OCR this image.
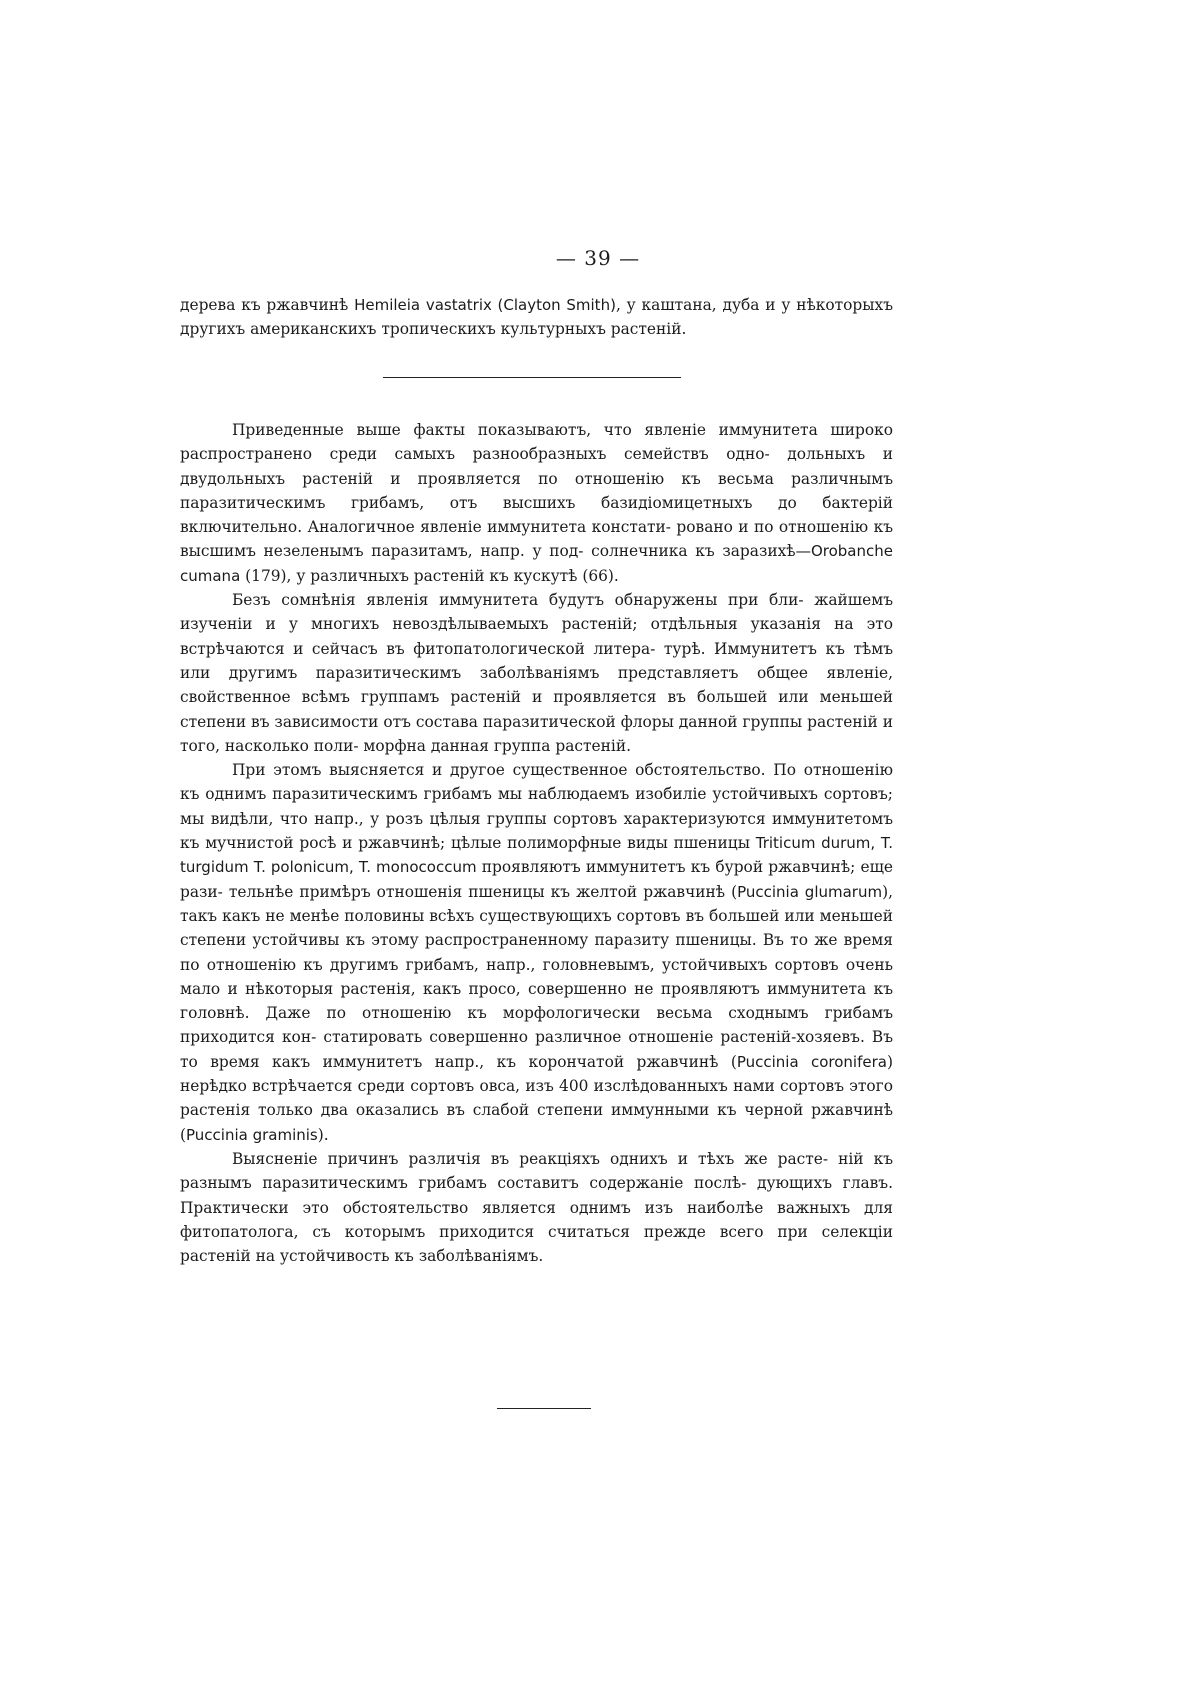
— 39 —

дерева къ ржавчинѣ Hemileia vastatrix (Clayton Smith), у каштана, дуба и у нѣкоторыхъ другихъ американскихъ тропическихъ культурныхъ растеній.

Приведенные выше факты показываютъ, что явленіе иммунитета широко распространено среди самыхъ разнообразныхъ семействъ одно- дольныхъ и двудольныхъ растеній и проявляется по отношенію къ весьма различнымъ паразитическимъ грибамъ, отъ высшихъ базидіомицетныхъ до бактерій включительно. Аналогичное явленіе иммунитета констати- ровано и по отношенію къ высшимъ незеленымъ паразитамъ, напр. у под- солнечника къ заразихѣ—Orobanche cumana (179), у различныхъ растеній къ кускутѣ (66).

Безъ сомнѣнія явленія иммунитета будутъ обнаружены при бли- жайшемъ изученіи и у многихъ невоздѣлываемыхъ растеній; отдѣльныя указанія на это встрѣчаются и сейчасъ въ фитопатологической литера- турѣ. Иммунитетъ къ тѣмъ или другимъ паразитическимъ заболѣваніямъ представляетъ общее явленіе, свойственное всѣмъ группамъ растеній и проявляется въ большей или меньшей степени въ зависимости отъ состава паразитической флоры данной группы растеній и того, насколько поли- морфна данная группа растеній.

При этомъ выясняется и другое существенное обстоятельство. По отношенію къ однимъ паразитическимъ грибамъ мы наблюдаемъ изобиліе устойчивыхъ сортовъ; мы видѣли, что напр., у розъ цѣлыя группы сортовъ характеризуются иммунитетомъ къ мучнистой росѣ и ржавчинѣ; цѣлые полиморфные виды пшеницы Triticum durum, T. turgidum T. polonicum, T. monococcum проявляютъ иммунитетъ къ бурой ржавчинѣ; еще рази- тельнѣе примѣръ отношенія пшеницы къ желтой ржавчинѣ (Puccinia glumarum), такъ какъ не менѣе половины всѣхъ существующихъ сортовъ въ большей или меньшей степени устойчивы къ этому распространенному паразиту пшеницы. Въ то же время по отношенію къ другимъ грибамъ, напр., головневымъ, устойчивыхъ сортовъ очень мало и нѣкоторыя растенія, какъ просо, совершенно не проявляютъ иммунитета къ головнѣ. Даже по отношенію къ морфологически весьма сходнымъ грибамъ приходится кон- статировать совершенно различное отношеніе растеній-хозяевъ. Въ то время какъ иммунитетъ напр., къ корончатой ржавчинѣ (Puccinia coronifera) нерѣдко встрѣчается среди сортовъ овса, изъ 400 изслѣдованныхъ нами сортовъ этого растенія только два оказались въ слабой степени иммунными къ черной ржавчинѣ (Puccinia graminis).

Выясненіе причинъ различія въ реакціяхъ однихъ и тѣхъ же расте- ній къ разнымъ паразитическимъ грибамъ составитъ содержаніе послѣ- дующихъ главъ. Практически это обстоятельство является однимъ изъ наиболѣе важныхъ для фитопатолога, съ которымъ приходится считаться прежде всего при селекціи растеній на устойчивость къ заболѣваніямъ.
